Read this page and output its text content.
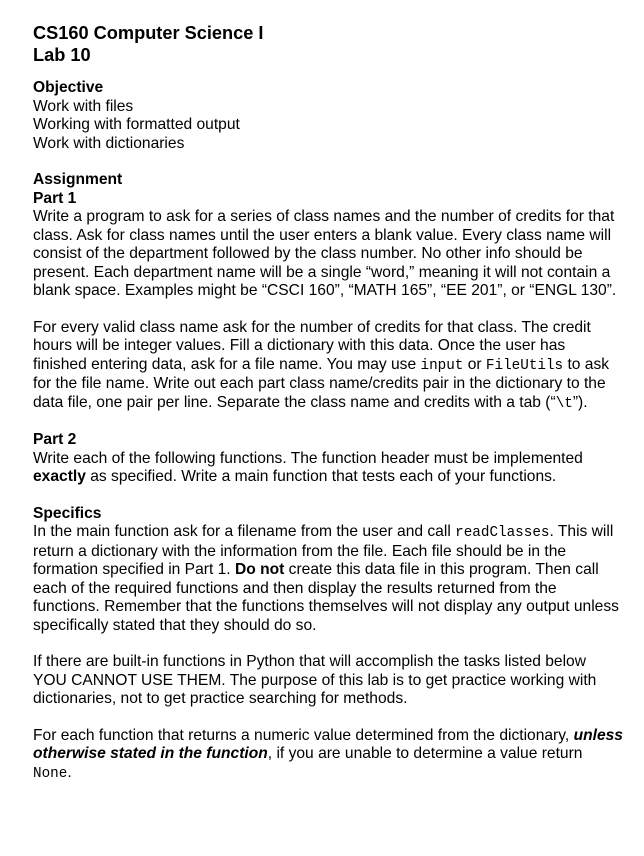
CS160 Computer Science I
Lab 10
Objective

Work with files

Working with formatted output

Work with dictionaries

Assignment
Part 1

Write a program to ask for a series of class names and the number of credits for that class. Ask for class names until the user enters a blank value. Every class name will consist of the department followed by the class number. No other info should be present. Each department name will be a single “word,” meaning it will not contain a blank space. Examples might be “CSCI 160”, “MATH 165”, “EE 201”, or “ENGL 130”.

For every valid class name ask for the number of credits for that class. The credit hours will be integer values. Fill a dictionary with this data. Once the user has finished entering data, ask for a file name. You may use input or FileUtils to ask for the file name. Write out each part class name/credits pair in the dictionary to the data file, one pair per line. Separate the class name and credits with a tab (“\t”).

Part 2

Write each of the following functions. The function header must be implemented exactly as specified. Write a main function that tests each of your functions.

Specifics

In the main function ask for a filename from the user and call readClasses. This will return a dictionary with the information from the file. Each file should be in the formation specified in Part 1. Do not create this data file in this program. Then call each of the required functions and then display the results returned from the functions. Remember that the functions themselves will not display any output unless specifically stated that they should do so.

If there are built-in functions in Python that will accomplish the tasks listed below YOU CANNOT USE THEM. The purpose of this lab is to get practice working with dictionaries, not to get practice searching for methods.

For each function that returns a numeric value determined from the dictionary, unless otherwise stated in the function, if you are unable to determine a value return None.
